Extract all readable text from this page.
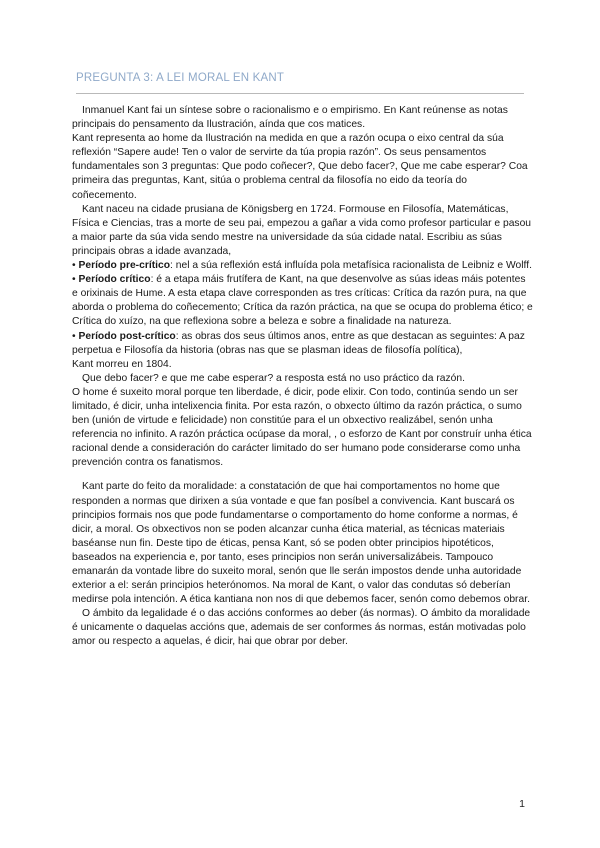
PREGUNTA 3: A LEI MORAL EN KANT

Inmanuel Kant fai un síntese sobre o racionalismo e o empirismo. En Kant reúnense as notas principais do pensamento da Ilustración, aínda que cos matices.

Kant representa ao home da Ilustración na medida en que a razón ocupa o eixo central da súa reflexión “Sapere aude! Ten o valor de servirte da túa propia razón”. Os seus pensamentos fundamentales son 3 preguntas: Que podo coñecer?, Que debo facer?, Que me cabe esperar? Coa primeira das preguntas, Kant, sitúa o problema central da filosofía no eido da teoría do coñecemento.

Kant naceu na cidade prusiana de Königsberg en 1724. Formouse en Filosofía, Matemáticas, Física e Ciencias, tras a morte de seu pai, empezou a gañar a vida como profesor particular e pasou a maior parte da súa vida sendo mestre na universidade da súa cidade natal. Escribiu as súas principais obras a idade avanzada,

• Período pre-crítico: nel a súa reflexión está influída pola metafísica racionalista de Leibniz e Wolff.

• Período crítico: é a etapa máis frutífera de Kant, na que desenvolve as súas ideas máis potentes e orixinais de Hume. A esta etapa clave corresponden as tres críticas: Crítica da razón pura, na que aborda o problema do coñecemento; Crítica da razón práctica, na que se ocupa do problema ético; e Crítica do xuízo, na que reflexiona sobre a beleza e sobre a finalidade na natureza.

• Período post-crítico: as obras dos seus últimos anos, entre as que destacan as seguintes: A paz perpetua e Filosofía da historia (obras nas que se plasman ideas de filosofía política),

Kant morreu en 1804.

Que debo facer? e que me cabe esperar? a resposta está no uso práctico da razón.

O home é suxeito moral porque ten liberdade, é dicir, pode elixir. Con todo, continúa sendo un ser limitado, é dicir, unha intelixencia finita. Por esta razón, o obxecto último da razón práctica, o sumo ben (unión de virtude e felicidade) non constitúe para el un obxectivo realizábel, senón unha referencia no infinito. A razón práctica ocúpase da moral, , o esforzo de Kant por construír unha ética racional dende a consideración do carácter limitado do ser humano pode considerarse como unha prevención contra os fanatismos.

Kant parte do feito da moralidade: a constatación de que hai comportamentos no home que responden a normas que dirixen a súa vontade e que fan posíbel a convivencia. Kant buscará os principios formais nos que pode fundamentarse o comportamento do home conforme a normas, é dicir, a moral. Os obxectivos non se poden alcanzar cunha ética material, as técnicas materiais baséanse nun fin. Deste tipo de éticas, pensa Kant, só se poden obter principios hipotéticos, baseados na experiencia e, por tanto, eses principios non serán universalizábeis. Tampouco emanarán da vontade libre do suxeito moral, senón que lle serán impostos dende unha autoridade exterior a el: serán principios heterónomos. Na moral de Kant, o valor das condutas só deberían medirse pola intención. A ética kantiana non nos di que debemos facer, senón como debemos obrar.

O ámbito da legalidade é o das accións conformes ao deber (ás normas). O ámbito da moralidade é unicamente o daquelas accións que, ademais de ser conformes ás normas, están motivadas polo amor ou respecto a aquelas, é dicir, hai que obrar por deber.

1
